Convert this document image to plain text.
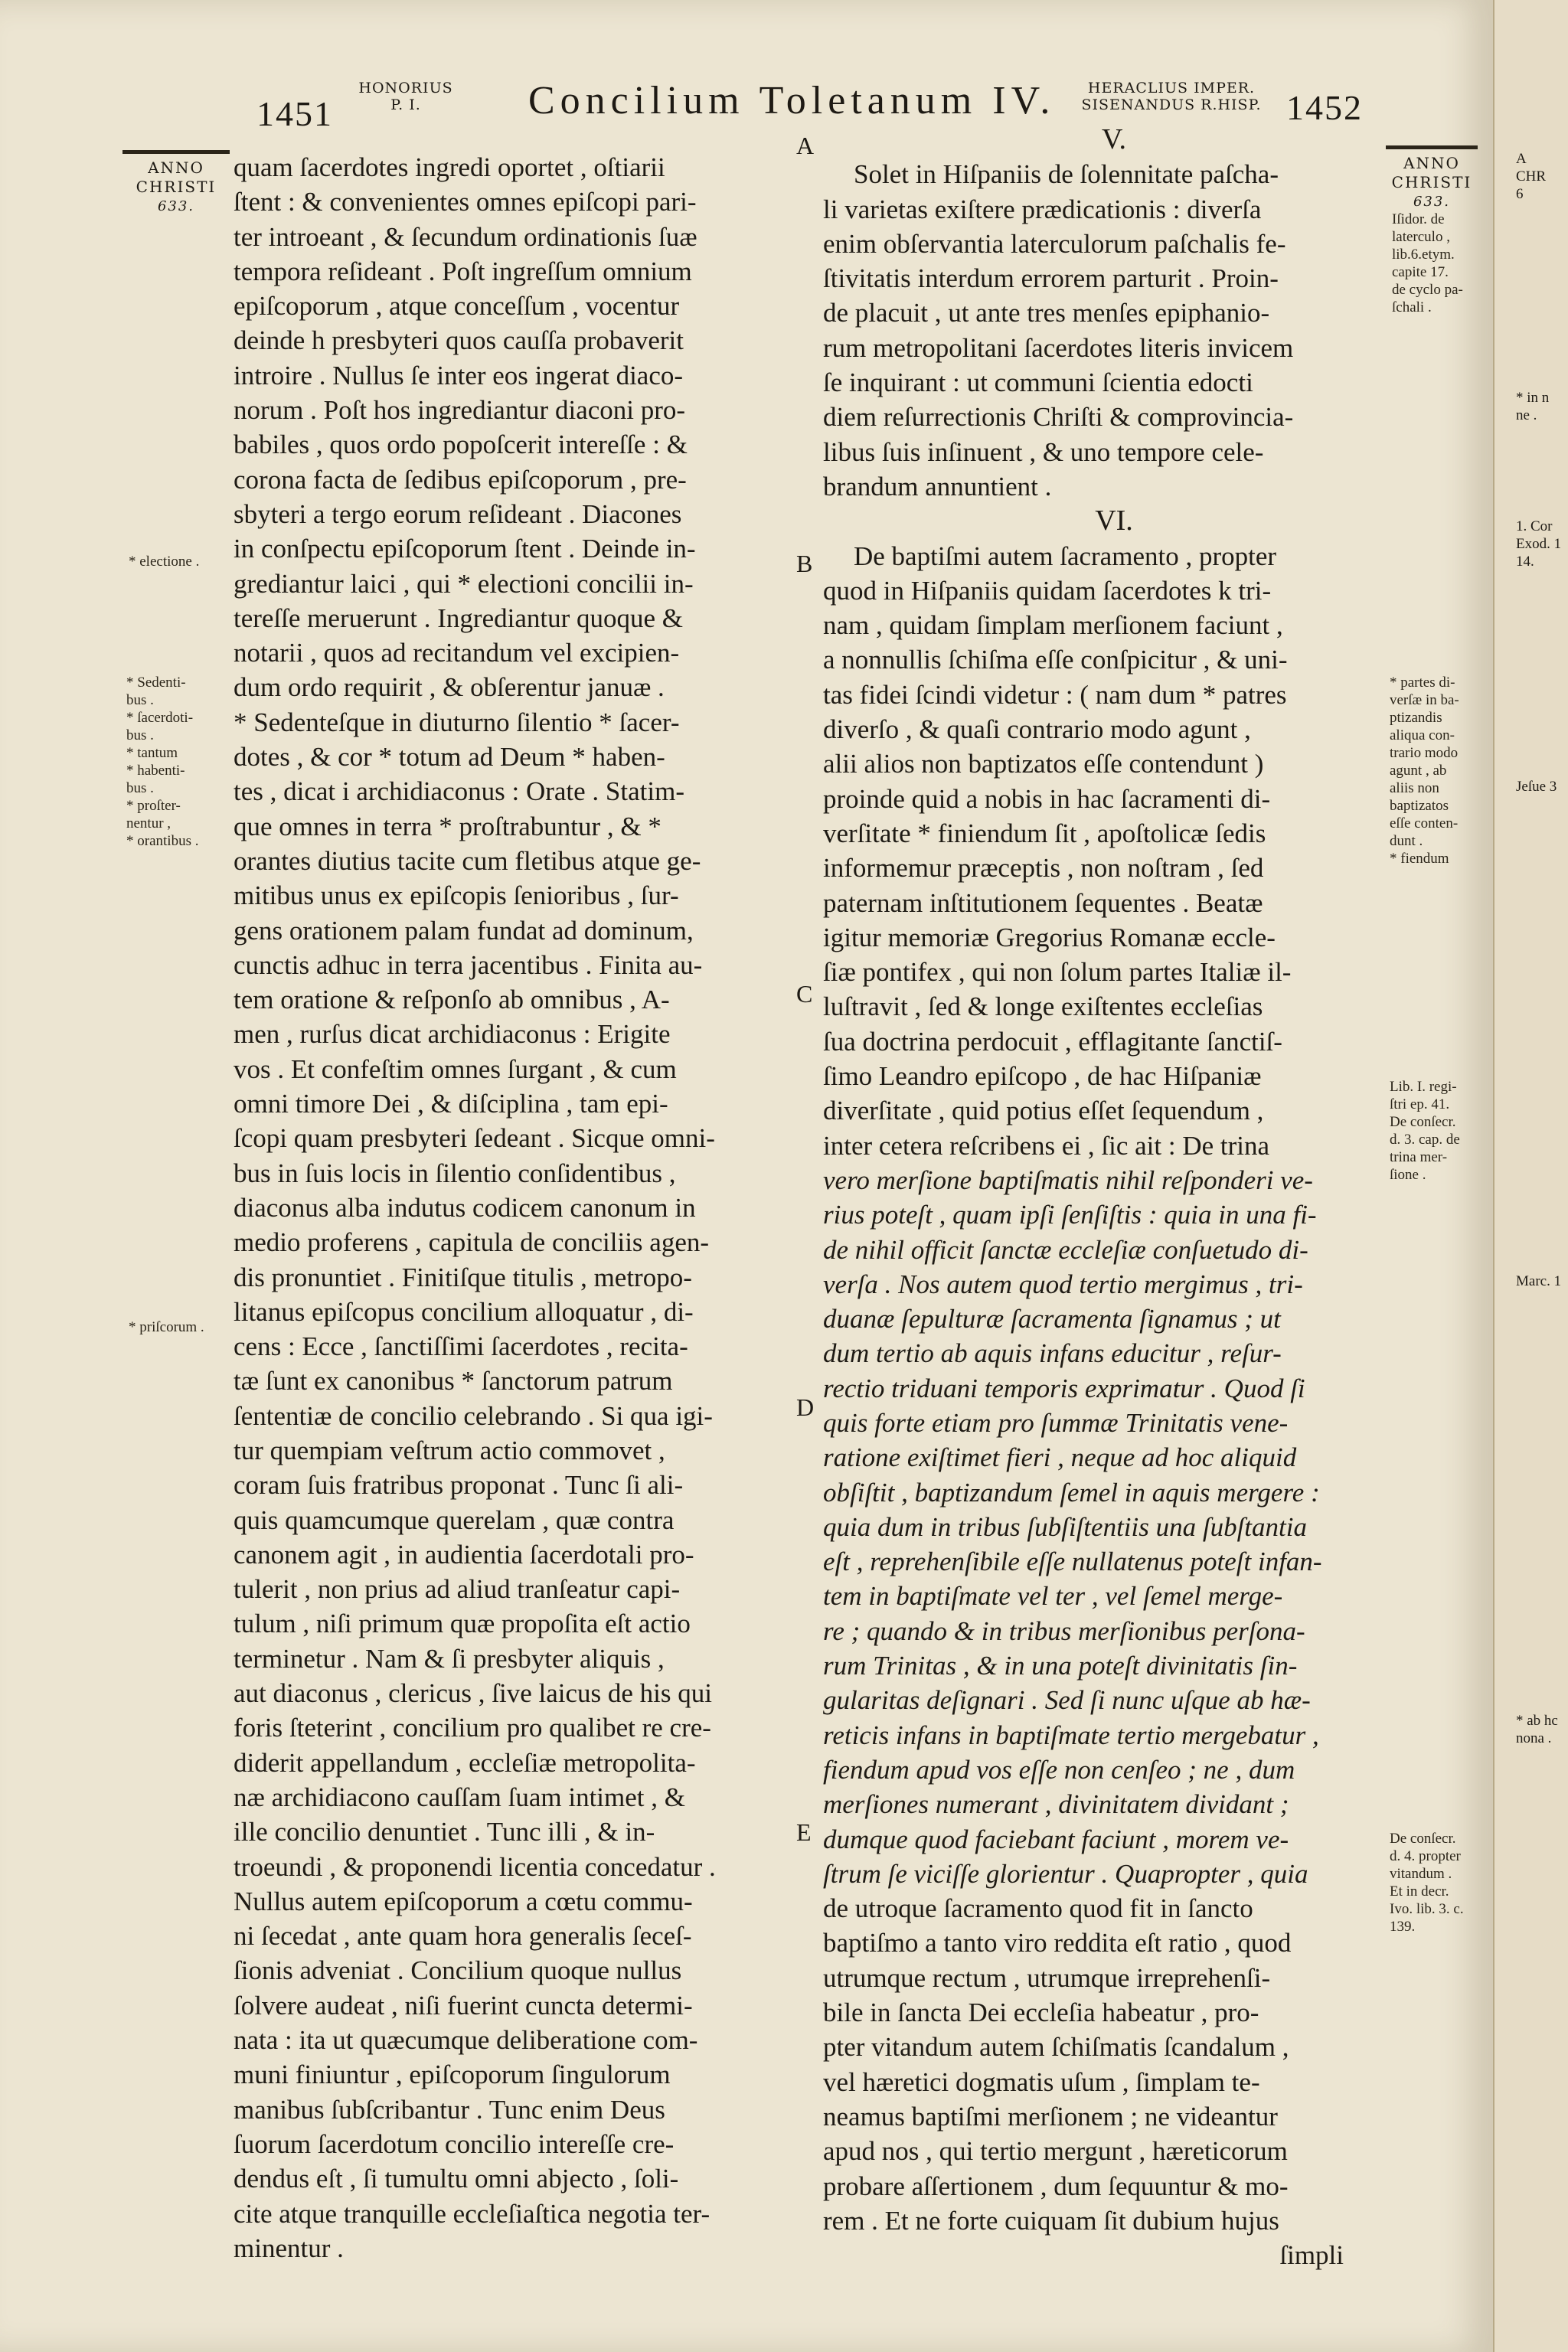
1451
HONORIUS
P. I.	Concilium Toletanum IV.	HERACLIUS IMPER.
SISENANDUS R.HISP. 1452
ANNO
CHRISTI
633.
ANNO
CHRISTI
633.
A
B
C
D
E
* electione .
* Sedenti-
bus .
* ſacerdoti-
bus .
* tantum
* habenti-
bus .
* proſter-
nentur ,
* orantibus .
* priſcorum .
quam ſacerdotes ingredi oportet , oſtiarii
ſtent : & convenientes omnes epiſcopi pari-
ter introeant , & ſecundum ordinationis ſuæ
tempora reſideant . Poſt ingreſſum omnium
epiſcoporum , atque conceſſum , vocentur
deinde h presbyteri quos cauſſa probaverit
introire . Nullus ſe inter eos ingerat diaco-
norum . Poſt hos ingrediantur diaconi pro-
babiles , quos ordo popoſcerit intereſſe : &
corona facta de ſedibus epiſcoporum , pre-
sbyteri a tergo eorum reſideant . Diacones
in conſpectu epiſcoporum ſtent . Deinde in-
grediantur laici , qui * electioni concilii in-
tereſſe meruerunt . Ingrediantur quoque &
notarii , quos ad recitandum vel excipien-
dum ordo requirit , & obſerentur januæ .
* Sedenteſque in diuturno ſilentio * ſacer-
dotes , & cor * totum ad Deum * haben-
tes , dicat i archidiaconus : Orate . Statim-
que omnes in terra * proſtrabuntur , & *
orantes diutius tacite cum fletibus atque ge-
mitibus unus ex epiſcopis ſenioribus , ſur-
gens orationem palam fundat ad dominum,
cunctis adhuc in terra jacentibus . Finita au-
tem oratione & reſponſo ab omnibus , A-
men , rurſus dicat archidiaconus : Erigite
vos . Et confeſtim omnes ſurgant , & cum
omni timore Dei , & diſciplina , tam epi-
ſcopi quam presbyteri ſedeant . Sicque omni-
bus in ſuis locis in ſilentio conſidentibus ,
diaconus alba indutus codicem canonum in
medio proferens , capitula de conciliis agen-
dis pronuntiet . Finitiſque titulis , metropo-
litanus epiſcopus concilium alloquatur , di-
cens : Ecce , ſanctiſſimi ſacerdotes , recita-
tæ ſunt ex canonibus * ſanctorum patrum
ſententiæ de concilio celebrando . Si qua igi-
tur quempiam veſtrum actio commovet ,
coram ſuis fratribus proponat . Tunc ſi ali-
quis quamcumque querelam , quæ contra
canonem agit , in audientia ſacerdotali pro-
tulerit , non prius ad aliud tranſeatur capi-
tulum , niſi primum quæ propoſita eſt actio
terminetur . Nam & ſi presbyter aliquis ,
aut diaconus , clericus , ſive laicus de his qui
foris ſteterint , concilium pro qualibet re cre-
diderit appellandum , eccleſiæ metropolita-
næ archidiacono cauſſam ſuam intimet , &
ille concilio denuntiet . Tunc illi , & in-
troeundi , & proponendi licentia concedatur .
Nullus autem epiſcoporum a cœtu commu-
ni ſecedat , ante quam hora generalis ſeceſ-
ſionis adveniat . Concilium quoque nullus
ſolvere audeat , niſi fuerint cuncta determi-
nata : ita ut quæcumque deliberatione com-
muni finiuntur , epiſcoporum ſingulorum
manibus ſubſcribantur . Tunc enim Deus
ſuorum ſacerdotum concilio intereſſe cre-
dendus eſt , ſi tumultu omni abjecto , ſoli-
cite atque tranquille eccleſiaſtica negotia ter-
minentur .
V.
Solet in Hiſpaniis de ſolennitate paſcha-
li varietas exiſtere prædicationis : diverſa
enim obſervantia laterculorum paſchalis fe-
ſtivitatis interdum errorem parturit . Proin-
de placuit , ut ante tres menſes epiphanio-
rum metropolitani ſacerdotes literis invicem
ſe inquirant : ut communi ſcientia edocti
diem reſurrectionis Chriſti & comprovincia-
libus ſuis inſinuent , & uno tempore cele-
brandum annuntient .
VI.
De baptiſmi autem ſacramento , propter
quod in Hiſpaniis quidam ſacerdotes k tri-
nam , quidam ſimplam merſionem faciunt ,
a nonnullis ſchiſma eſſe conſpicitur , & uni-
tas fidei ſcindi videtur : ( nam dum * patres
diverſo , & quaſi contrario modo agunt ,
alii alios non baptizatos eſſe contendunt )
proinde quid a nobis in hac ſacramenti di-
verſitate * finiendum ſit , apoſtolicæ ſedis
informemur præceptis , non noſtram , ſed
paternam inſtitutionem ſequentes . Beatæ
igitur memoriæ Gregorius Romanæ eccle-
ſiæ pontifex , qui non ſolum partes Italiæ il-
luſtravit , ſed & longe exiſtentes eccleſias
ſua doctrina perdocuit , efflagitante ſanctiſ-
ſimo Leandro epiſcopo , de hac Hiſpaniæ
diverſitate , quid potius eſſet ſequendum ,
inter cetera reſcribens ei , ſic ait : De trina
vero merſione baptiſmatis nihil reſponderi ve-
rius poteſt , quam ipſi ſenſiſtis : quia in una fi-
de nihil officit ſanctæ eccleſiæ conſuetudo di-
verſa . Nos autem quod tertio mergimus , tri-
duanæ ſepulturæ ſacramenta ſignamus ; ut
dum tertio ab aquis infans educitur , reſur-
rectio triduani temporis exprimatur . Quod ſi
quis forte etiam pro ſummæ Trinitatis vene-
ratione exiſtimet fieri , neque ad hoc aliquid
obſiſtit , baptizandum ſemel in aquis mergere :
quia dum in tribus ſubſiſtentiis una ſubſtantia
eſt , reprehenſibile eſſe nullatenus poteſt infan-
tem in baptiſmate vel ter , vel ſemel merge-
re ; quando & in tribus merſionibus perſona-
rum Trinitas , & in una poteſt divinitatis ſin-
gularitas deſignari . Sed ſi nunc uſque ab hæ-
reticis infans in baptiſmate tertio mergebatur ,
fiendum apud vos eſſe non cenſeo ; ne , dum
merſiones numerant , divinitatem dividant ;
dumque quod faciebant faciunt , morem ve-
ſtrum ſe viciſſe glorientur . Quapropter , quia
de utroque ſacramento quod fit in ſancto
baptiſmo a tanto viro reddita eſt ratio , quod
utrumque rectum , utrumque irreprehenſi-
bile in ſancta Dei eccleſia habeatur , pro-
pter vitandum autem ſchiſmatis ſcandalum ,
vel hæretici dogmatis uſum , ſimplam te-
neamus baptiſmi merſionem ; ne videantur
apud nos , qui tertio mergunt , hæreticorum
probare aſſertionem , dum ſequuntur & mo-
rem . Et ne forte cuiquam ſit dubium hujus
ſimpli
Iſidor. de
laterculo ,
lib.6.etym.
capite 17.
de cyclo pa-
ſchali .
* partes di-
verſæ in ba-
ptizandis
aliqua con-
trario modo
agunt , ab
aliis non
baptizatos
eſſe conten-
dunt .
* fiendum
Lib. I. regi-
ſtri ep. 41.
De conſecr.
d. 3. cap. de
trina mer-
ſione .
De conſecr.
d. 4. propter
vitandum .
Et in decr.
Ivo. lib. 3. c.
139.
A
CHR
6
* in n
ne .
1. Cor
Exod. 1
14.
Jeſue 3
Marc. 1
* ab hc
nona .
